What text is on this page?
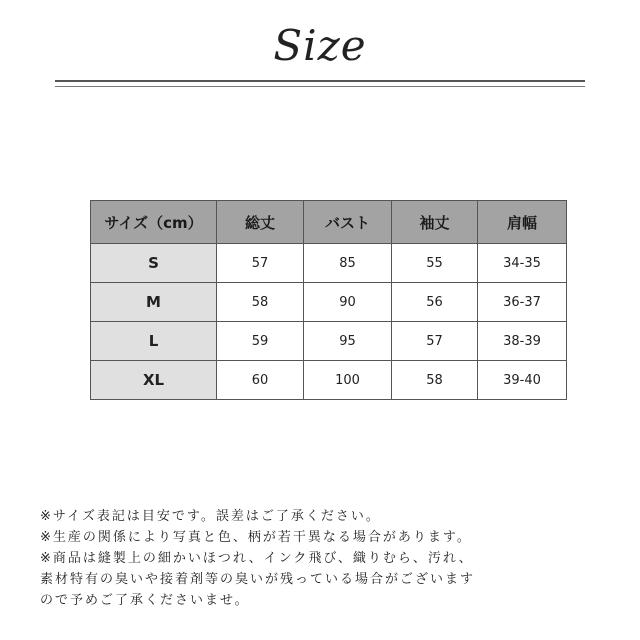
Size
サイズ（cm）	総丈	バスト	袖丈	肩幅
S	57	85	55	34-35
M	58	90	56	36-37
L	59	95	57	38-39
XL	60	100	58	39-40

※サイズ表記は目安です。誤差はご了承ください。

※生産の関係により写真と色、柄が若干異なる場合があります。

※商品は縫製上の細かいほつれ、インク飛び、織りむら、汚れ、

素材特有の臭いや接着剤等の臭いが残っている場合がございます

ので予めご了承くださいませ。
